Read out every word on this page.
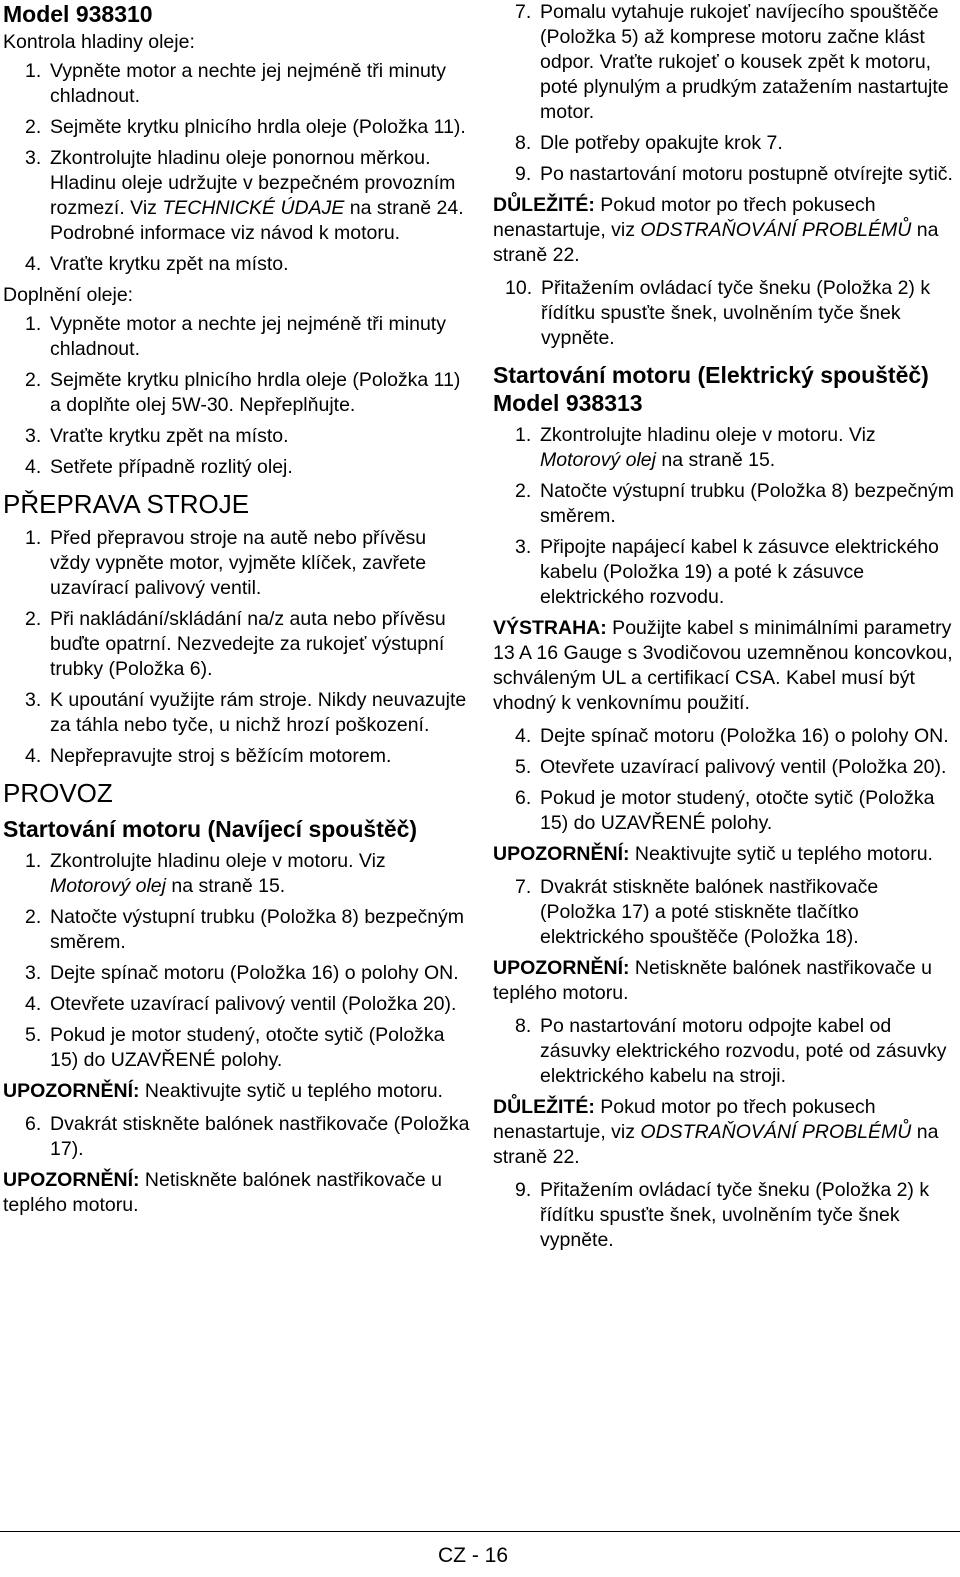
Model 938310
Kontrola hladiny oleje:
1. Vypněte motor a nechte jej nejméně tři minuty chladnout.
2. Sejměte krytku plnicího hrdla oleje (Položka 11).
3. Zkontrolujte hladinu oleje ponornou měrkou. Hladinu oleje udržujte v bezpečném provozním rozmezí. Viz TECHNICKÉ ÚDAJE na straně 24. Podrobné informace viz návod k motoru.
4. Vraťte krytku zpět na místo.
Doplnění oleje:
1. Vypněte motor a nechte jej nejméně tři minuty chladnout.
2. Sejměte krytku plnicího hrdla oleje (Položka 11) a doplňte olej 5W-30. Nepřeplňujte.
3. Vraťte krytku zpět na místo.
4. Setřete případně rozlitý olej.
PŘEPRAVA STROJE
1. Před přepravou stroje na autě nebo přívěsu vždy vypněte motor, vyjměte klíček, zavřete uzavírací palivový ventil.
2. Při nakládání/skládání na/z auta nebo přívěsu buďte opatrní. Nezvedejte za rukojeť výstupní trubky (Položka 6).
3. K upoutání využijte rám stroje. Nikdy neuvazujte za táhla nebo tyče, u nichž hrozí poškození.
4. Nepřepravujte stroj s běžícím motorem.
PROVOZ
Startování motoru (Navíjecí spouštěč)
1. Zkontrolujte hladinu oleje v motoru. Viz Motorový olej na straně 15.
2. Natočte výstupní trubku (Položka 8) bezpečným směrem.
3. Dejte spínač motoru (Položka 16) o polohy ON.
4. Otevřete uzavírací palivový ventil (Položka 20).
5. Pokud je motor studený, otočte sytič (Položka 15) do UZAVŘENÉ polohy.
UPOZORNĚNÍ: Neaktivujte sytič u teplého motoru.
6. Dvakrát stiskněte balónek nastřikovače (Položka 17).
UPOZORNĚNÍ: Netiskněte balónek nastřikovače u teplého motoru.
7. Pomalu vytahuje rukojeť navíjecího spouštěče (Položka 5) až komprese motoru začne klást odpor. Vraťte rukojeť o kousek zpět k motoru, poté plynulým a prudkým zatažením nastartujte motor.
8. Dle potřeby opakujte krok 7.
9. Po nastartování motoru postupně otvírejte sytič.
DŮLEŽITÉ: Pokud motor po třech pokusech nenastartuje, viz ODSTRAŇOVÁNÍ PROBLÉMŮ na straně 22.
10. Přitažením ovládací tyče šneku (Položka 2) k řídítku spusťte šnek, uvolněním tyče šnek vypněte.
Startování motoru (Elektrický spouštěč)
Model 938313
1. Zkontrolujte hladinu oleje v motoru. Viz Motorový olej na straně 15.
2. Natočte výstupní trubku (Položka 8) bezpečným směrem.
3. Připojte napájecí kabel k zásuvce elektrického kabelu (Položka 19) a poté k zásuvce elektrického rozvodu.
VÝSTRAHA: Použijte kabel s minimálními parametry
13 A 16 Gauge s 3vodičovou uzemněnou koncovkou, schváleným UL a certifikací CSA. Kabel musí být vhodný k venkovnímu použití.
4. Dejte spínač motoru (Položka 16) o polohy ON.
5. Otevřete uzavírací palivový ventil (Položka 20).
6. Pokud je motor studený, otočte sytič (Položka 15) do UZAVŘENÉ polohy.
UPOZORNĚNÍ: Neaktivujte sytič u teplého motoru.
7. Dvakrát stiskněte balónek nastřikovače (Položka 17) a poté stiskněte tlačítko elektrického spouštěče (Položka 18).
UPOZORNĚNÍ: Netiskněte balónek nastřikovače u teplého motoru.
8. Po nastartování motoru odpojte kabel od zásuvky elektrického rozvodu, poté od zásuvky elektrického kabelu na stroji.
DŮLEŽITÉ: Pokud motor po třech pokusech nenastartuje, viz ODSTRAŇOVÁNÍ PROBLÉMŮ na straně 22.
9. Přitažením ovládací tyče šneku (Položka 2) k řídítku spusťte šnek, uvolněním tyče šnek vypněte.
CZ - 16
